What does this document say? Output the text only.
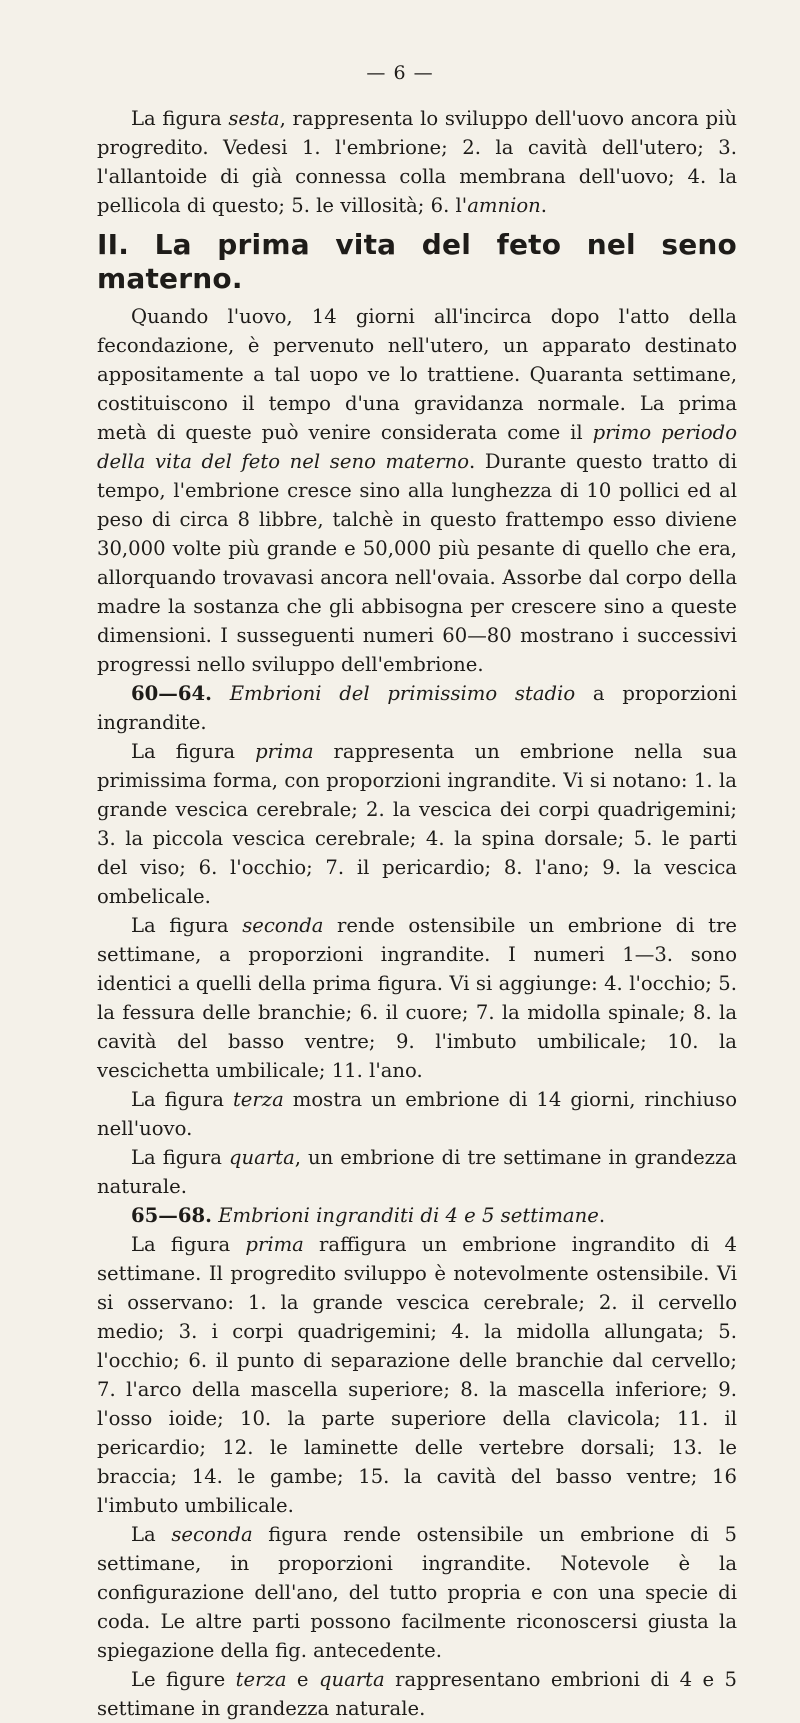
— 6 —

La figura sesta, rappresenta lo sviluppo dell'uovo ancora più progredito. Vedesi 1. l'embrione; 2. la cavità dell'utero; 3. l'allantoide di già connessa colla membrana dell'uovo; 4. la pellicola di questo; 5. le villosità; 6. l'amnion.

II. La prima vita del feto nel seno materno.

Quando l'uovo, 14 giorni all'incirca dopo l'atto della fecondazione, è pervenuto nell'utero, un apparato destinato appositamente a tal uopo ve lo trattiene. Quaranta settimane, costituiscono il tempo d'una gravidanza normale. La prima metà di queste può venire considerata come il primo periodo della vita del feto nel seno materno. Durante questo tratto di tempo, l'embrione cresce sino alla lunghezza di 10 pollici ed al peso di circa 8 libbre, talchè in questo frattempo esso diviene 30,000 volte più grande e 50,000 più pesante di quello che era, allorquando trovavasi ancora nell'ovaia. Assorbe dal corpo della madre la sostanza che gli abbisogna per crescere sino a queste dimensioni. I susseguenti numeri 60—80 mostrano i successivi progressi nello sviluppo dell'embrione.

60—64. Embrioni del primissimo stadio a proporzioni ingrandite.

La figura prima rappresenta un embrione nella sua primissima forma, con proporzioni ingrandite. Vi si notano: 1. la grande vescica cerebrale; 2. la vescica dei corpi quadrigemini; 3. la piccola vescica cerebrale; 4. la spina dorsale; 5. le parti del viso; 6. l'occhio; 7. il pericardio; 8. l'ano; 9. la vescica ombelicale.

La figura seconda rende ostensibile un embrione di tre settimane, a proporzioni ingrandite. I numeri 1—3. sono identici a quelli della prima figura. Vi si aggiunge: 4. l'occhio; 5. la fessura delle branchie; 6. il cuore; 7. la midolla spinale; 8. la cavità del basso ventre; 9. l'imbuto umbilicale; 10. la vescichetta umbilicale; 11. l'ano.

La figura terza mostra un embrione di 14 giorni, rinchiuso nell'uovo.

La figura quarta, un embrione di tre settimane in grandezza naturale.

65—68. Embrioni ingranditi di 4 e 5 settimane.

La figura prima raffigura un embrione ingrandito di 4 settimane. Il progredito sviluppo è notevolmente ostensibile. Vi si osservano: 1. la grande vescica cerebrale; 2. il cervello medio; 3. i corpi quadrigemini; 4. la midolla allungata; 5. l'occhio; 6. il punto di separazione delle branchie dal cervello; 7. l'arco della mascella superiore; 8. la mascella inferiore; 9. l'osso ioide; 10. la parte superiore della clavicola; 11. il pericardio; 12. le laminette delle vertebre dorsali; 13. le braccia; 14. le gambe; 15. la cavità del basso ventre; 16 l'imbuto umbilicale.

La seconda figura rende ostensibile un embrione di 5 settimane, in proporzioni ingrandite. Notevole è la configurazione dell'ano, del tutto propria e con una specie di coda. Le altre parti possono facilmente riconoscersi giusta la spiegazione della fig. antecedente.

Le figure terza e quarta rappresentano embrioni di 4 e 5 settimane in grandezza naturale.
